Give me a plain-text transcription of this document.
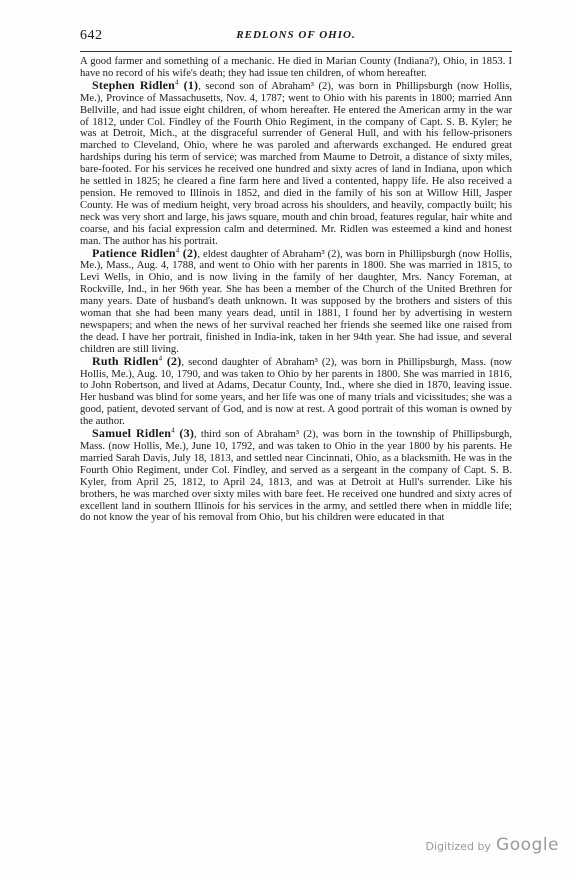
642	REDLONS OF OHIO.

A good farmer and something of a mechanic. He died in Marian County (Indiana?), Ohio, in 1853. I have no record of his wife's death; they had issue ten children, of whom hereafter.

Stephen Ridlen$^4$ (1), second son of Abraham³ (2), was born in Phillipsburgh (now Hollis, Me.), Province of Massachusetts, Nov. 4, 1787; went to Ohio with his parents in 1800; married Ann Bellville, and had issue eight children, of whom hereafter. He entered the American army in the war of 1812, under Col. Findley of the Fourth Ohio Regiment, in the company of Capt. S. B. Kyler; he was at Detroit, Mich., at the disgraceful surrender of General Hull, and with his fellow-prisoners marched to Cleveland, Ohio, where he was paroled and afterwards exchanged. He endured great hardships during his term of service; was marched from Maume to Detroit, a distance of sixty miles, bare-footed. For his services he received one hundred and sixty acres of land in Indiana, upon which he settled in 1825; he cleared a fine farm here and lived a contented, happy life. He also received a pension. He removed to Illinois in 1852, and died in the family of his son at Willow Hill, Jasper County. He was of medium height, very broad across his shoulders, and heavily, compactly built; his neck was very short and large, his jaws square, mouth and chin broad, features regular, hair white and coarse, and his facial expression calm and determined. Mr. Ridlen was esteemed a kind and honest man. The author has his portrait.

Patience Ridlen$^4$ (2), eldest daughter of Abraham³ (2), was born in Phillipsburgh (now Hollis, Me.), Mass., Aug. 4, 1788, and went to Ohio with her parents in 1800. She was married in 1815, to Levi Wells, in Ohio, and is now living in the family of her daughter, Mrs. Nancy Foreman, at Rockville, Ind., in her 96th year. She has been a member of the Church of the United Brethren for many years. Date of husband's death unknown. It was supposed by the brothers and sisters of this woman that she had been many years dead, until in 1881, I found her by advertising in western newspapers; and when the news of her survival reached her friends she seemed like one raised from the dead. I have her portrait, finished in India-ink, taken in her 94th year. She had issue, and several children are still living.

Ruth Ridlen$^4$ (2), second daughter of Abraham³ (2), was born in Phillipsburgh, Mass. (now Hollis, Me.), Aug. 10, 1790, and was taken to Ohio by her parents in 1800. She was married in 1816, to John Robertson, and lived at Adams, Decatur County, Ind., where she died in 1870, leaving issue. Her husband was blind for some years, and her life was one of many trials and vicissitudes; she was a good, patient, devoted servant of God, and is now at rest. A good portrait of this woman is owned by the author.

Samuel Ridlen$^4$ (3), third son of Abraham³ (2), was born in the township of Phillipsburgh, Mass. (now Hollis, Me.), June 10, 1792, and was taken to Ohio in the year 1800 by his parents. He married Sarah Davis, July 18, 1813, and settled near Cincinnati, Ohio, as a blacksmith. He was in the Fourth Ohio Regiment, under Col. Findley, and served as a sergeant in the company of Capt. S. B. Kyler, from April 25, 1812, to April 24, 1813, and was at Detroit at Hull's surrender. Like his brothers, he was marched over sixty miles with bare feet. He received one hundred and sixty acres of excellent land in southern Illinois for his services in the army, and settled there when in middle life; do not know the year of his removal from Ohio, but his children were educated in that

Digitized by Google
